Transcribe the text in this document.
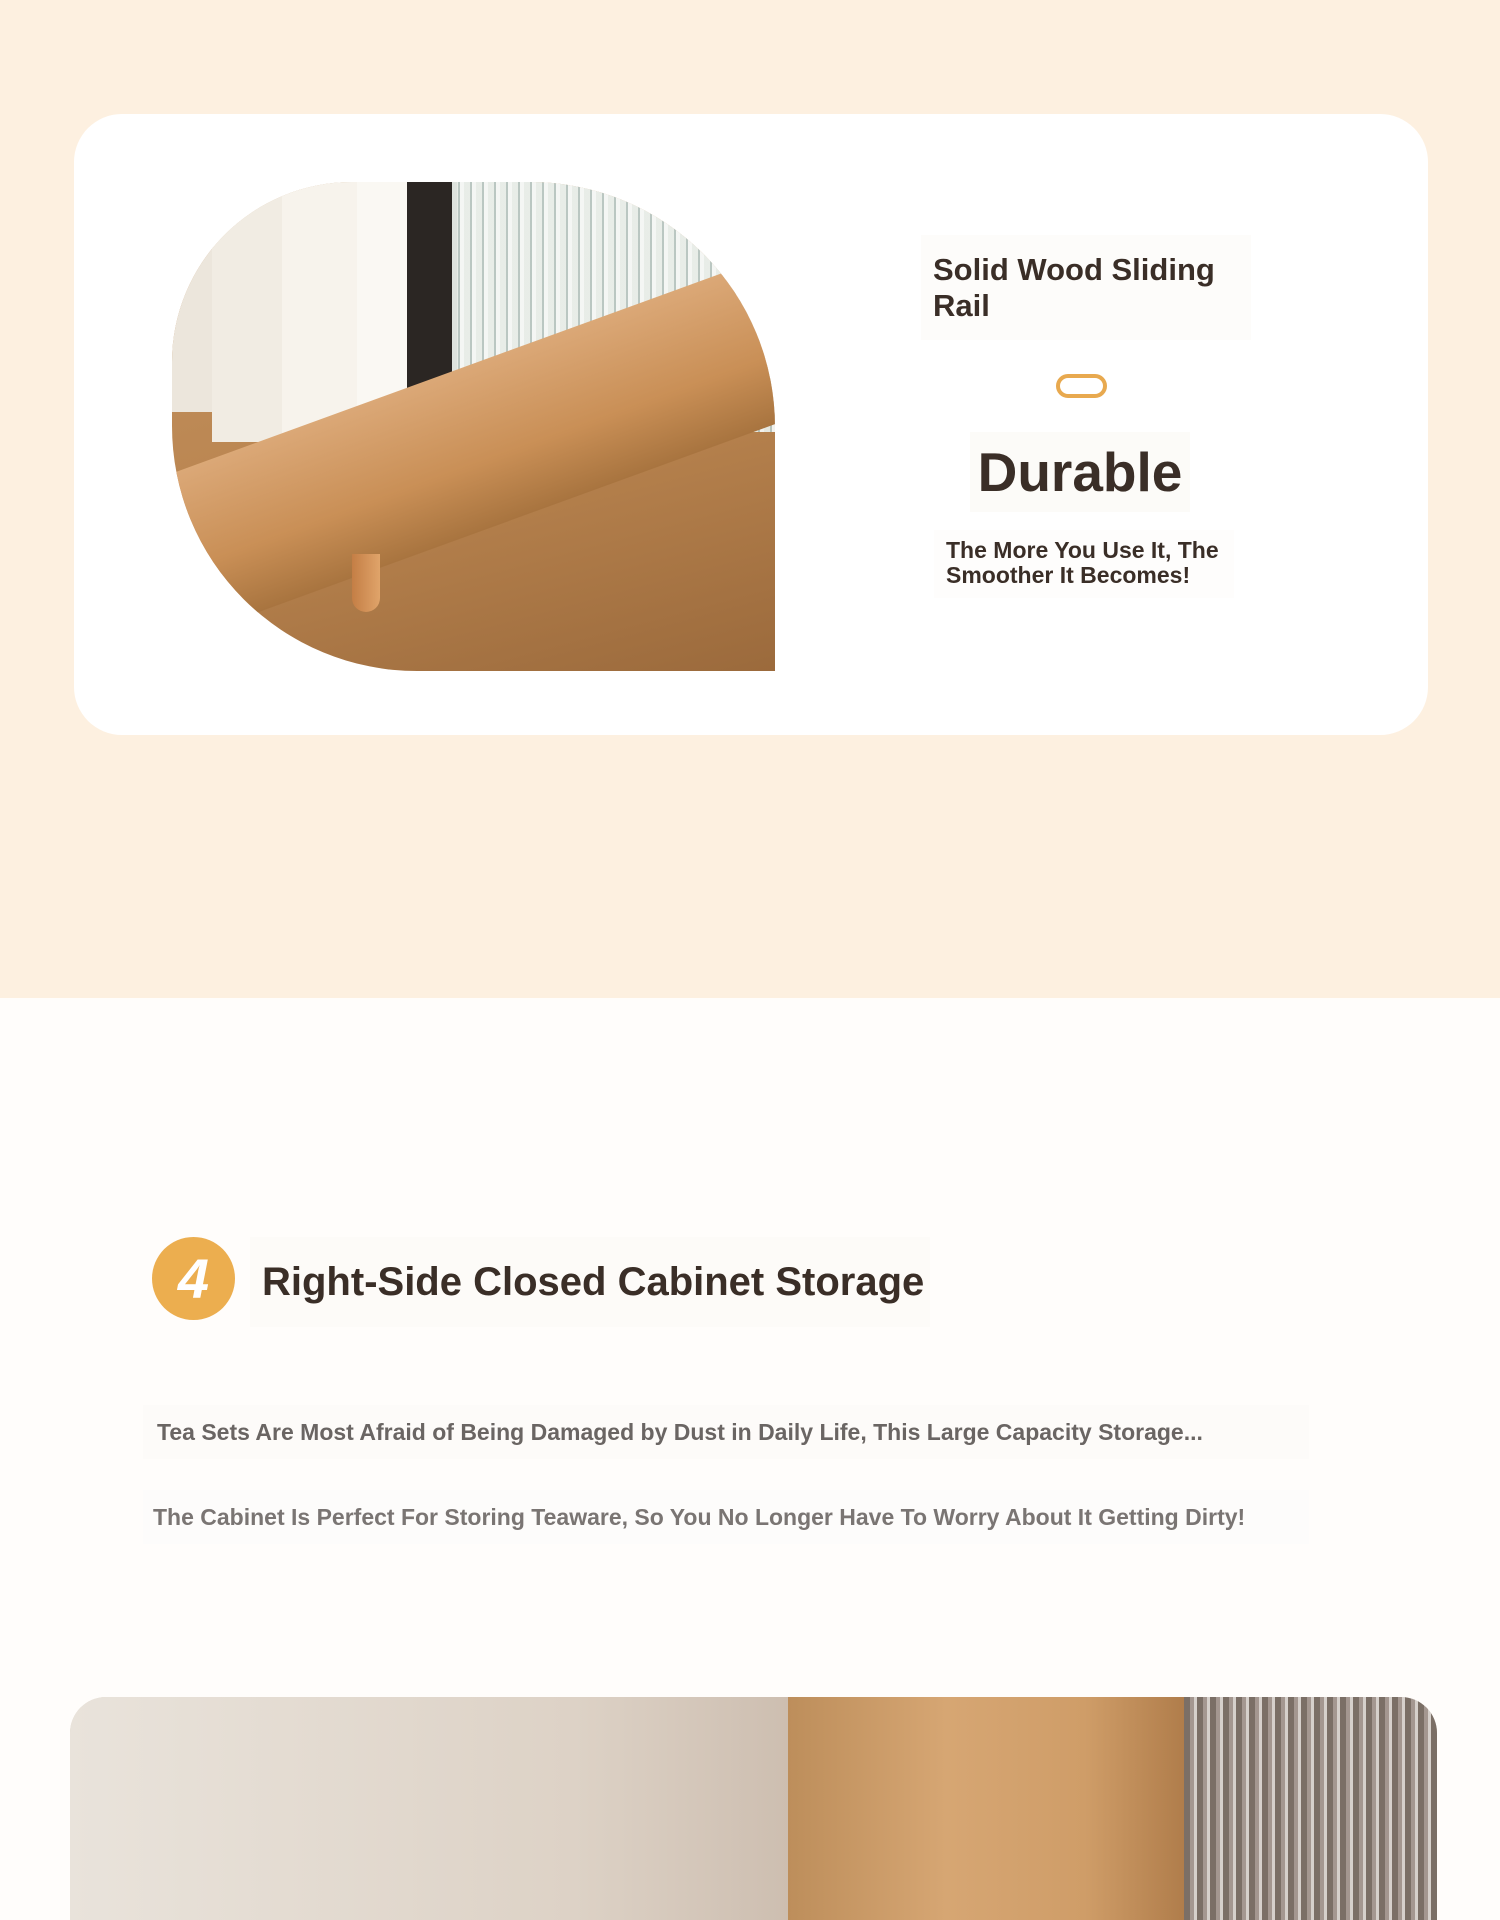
Solid Wood Sliding Rail
Durable
The More You Use It, The Smoother It Becomes!
4	Right-Side Closed Cabinet Storage
Tea Sets Are Most Afraid of Being Damaged by Dust in Daily Life, This Large Capacity Storage...
The Cabinet Is Perfect For Storing Teaware, So You No Longer Have To Worry About It Getting Dirty!
